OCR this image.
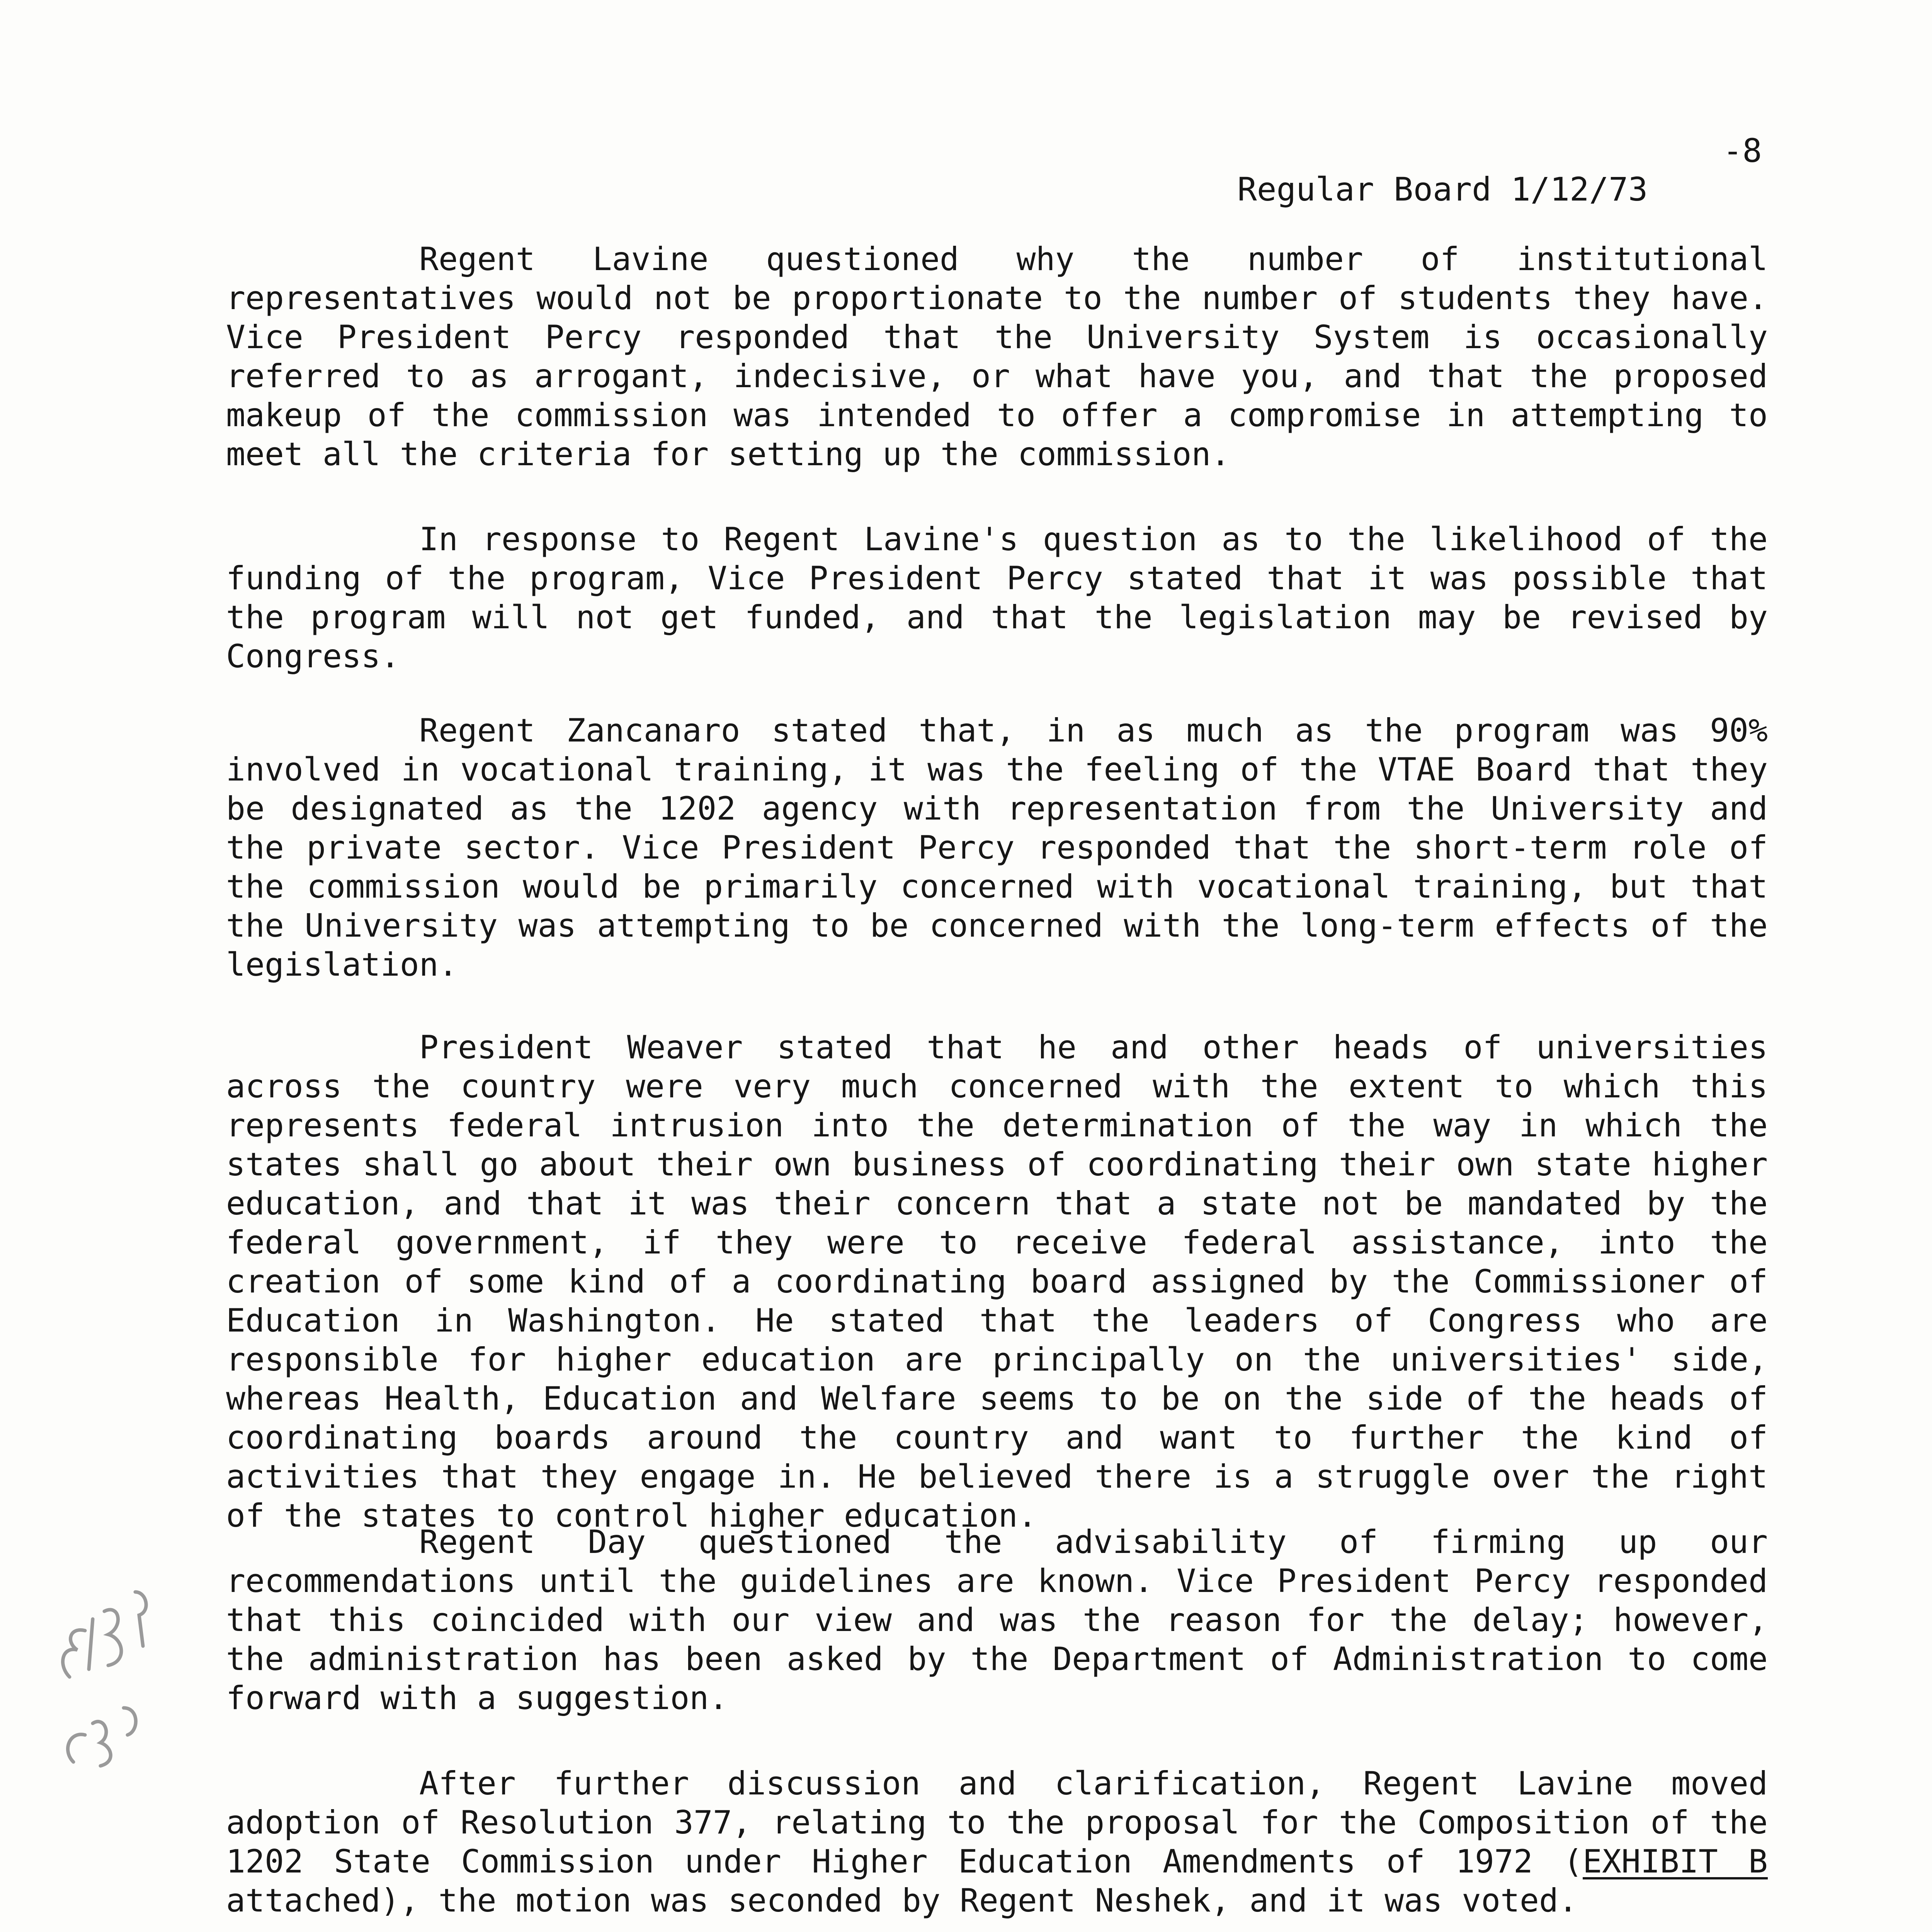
Regular Board 1/12/73

-8

Regent Lavine questioned why the number of institutional representatives would not be proportionate to the number of students they have. Vice President Percy responded that the University System is occasionally referred to as arrogant, indecisive, or what have you, and that the proposed makeup of the commission was intended to offer a compromise in attempting to meet all the criteria for setting up the commission.

In response to Regent Lavine's question as to the likelihood of the funding of the program, Vice President Percy stated that it was possible that the program will not get funded, and that the legislation may be revised by Congress.

Regent Zancanaro stated that, in as much as the program was 90% involved in vocational training, it was the feeling of the VTAE Board that they be designated as the 1202 agency with representation from the University and the private sector. Vice President Percy responded that the short-term role of the commission would be primarily concerned with vocational training, but that the University was attempting to be concerned with the long-term effects of the legislation.

President Weaver stated that he and other heads of universities across the country were very much concerned with the extent to which this represents federal intrusion into the determination of the way in which the states shall go about their own business of coordinating their own state higher education, and that it was their concern that a state not be mandated by the federal government, if they were to receive federal assistance, into the creation of some kind of a coordinating board assigned by the Commissioner of Education in Washington. He stated that the leaders of Congress who are responsible for higher education are principally on the universities' side, whereas Health, Education and Welfare seems to be on the side of the heads of coordinating boards around the country and want to further the kind of activities that they engage in. He believed there is a struggle over the right of the states to control higher education.

Regent Day questioned the advisability of firming up our recommendations until the guidelines are known. Vice President Percy responded that this coincided with our view and was the reason for the delay; however, the administration has been asked by the Department of Administration to come forward with a suggestion.

After further discussion and clarification, Regent Lavine moved adoption of Resolution 377, relating to the proposal for the Composition of the 1202 State Commission under Higher Education Amendments of 1972 (EXHIBIT B attached), the motion was seconded by Regent Neshek, and it was voted.
